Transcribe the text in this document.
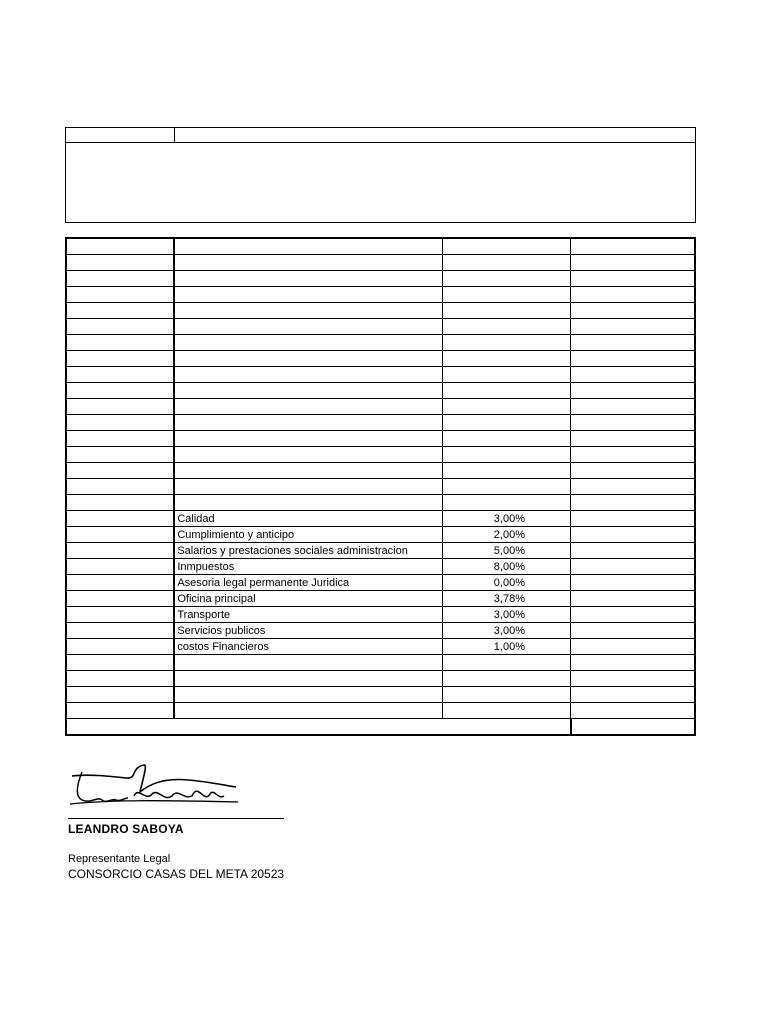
	Calidad	3,00%	
	Cumplimiento y anticipo	2,00%	
	Salarios y prestaciones sociales administracion	5,00%	
	Inmpuestos	8,00%	
	Asesoria legal permanente Juridica	0,00%	
	Oficina principal	3,78%	
	Transporte	3,00%	
	Servicios publicos	3,00%	
	costos Financieros	1,00%	

LEANDRO SABOYA
Representante Legal
CONSORCIO CASAS DEL META 20523
